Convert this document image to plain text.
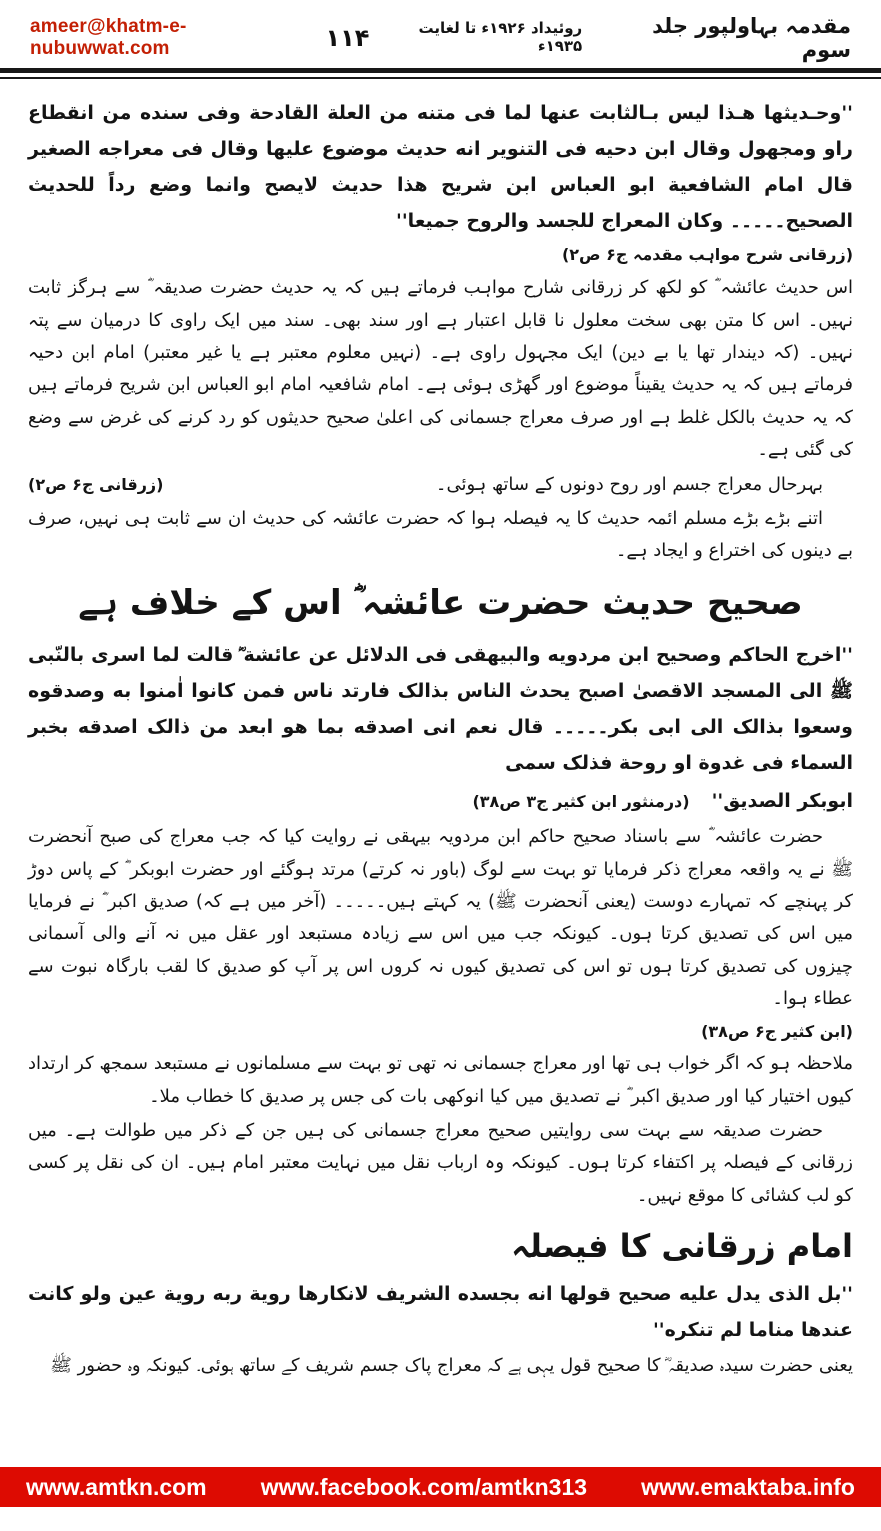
ameer@khatm-e-nubuwwat.com	۱۱۴	مقدمہ بہاولپور جلد سوم
روئیداد ۱۹۲۶ء تا لغایت ۱۹۳۵ء

''وحـدیثها هـذا لیس بـالثابت عنها لما فی متنه من العلة القادحة وفی سنده من انقطاع راو ومجهول وقال ابن دحیه فی التنویر انه حدیث موضوع علیها وقال فی معراجه الصغیر قال امام الشافعیة ابو العباس ابن شریح هذا حدیث لایصح وانما وضع رداً للحدیث الصحیح۔۔۔۔۔ وکان المعراج للجسد والروح جمیعا''

(زرقانی شرح مواہب مقدمہ ج۶ ص۲)

اس حدیث عائشہ ؓ کو لکھ کر زرقانی شارح مواہب فرماتے ہیں کہ یہ حدیث حضرت صدیقہ ؓ سے ہرگز ثابت نہیں۔ اس کا متن بھی سخت معلول نا قابل اعتبار ہے اور سند بھی۔ سند میں ایک راوی کا درمیان سے پتہ نہیں۔ (کہ دیندار تھا یا بے دین) ایک مجہول راوی ہے۔ (نہیں معلوم معتبر ہے یا غیر معتبر) امام ابن دحیہ فرماتے ہیں کہ یہ حدیث یقیناً موضوع اور گھڑی ہوئی ہے۔ امام شافعیہ امام ابو العباس ابن شریح فرماتے ہیں کہ یہ حدیث بالکل غلط ہے اور صرف معراج جسمانی کی اعلیٰ صحیح حدیثوں کو رد کرنے کی غرض سے وضع کی گئی ہے۔

بہرحال معراج جسم اور روح دونوں کے ساتھ ہوئی۔
(زرقانی ج۶ ص۲)

اتنے بڑے بڑے مسلم ائمہ حدیث کا یہ فیصلہ ہوا کہ حضرت عائشہ کی حدیث ان سے ثابت ہی نہیں، صرف بے دینوں کی اختراع و ایجاد ہے۔

صحیح حدیث حضرت عائشہ ؓ اس کے خلاف ہے

''اخرج الحاکم وصحیح ابن مردویه والبیهقی فی الدلائل عن عائشة ؓ قالت لما اسری بالنّبی ﷺ الی المسجد الاقصیٰ اصبح یحدث الناس بذالک فارتد ناس فمن کانوا اٰمنوا به وصدقوه وسعوا بذالک الی ابی بکر۔۔۔۔۔ قال نعم انی اصدقه بما هو ابعد من ذالک اصدقه بخبر السماء فی غدوة او روحة فذلک سمی

ابوبکر الصدیق''
(درمنثور ابن کثیر ج۳ ص۳۸)

حضرت عائشہ ؓ سے باسناد صحیح حاکم ابن مردویہ بیہقی نے روایت کیا کہ جب معراج کی صبح آنحضرت ﷺ نے یہ واقعہ معراج ذکر فرمایا تو بہت سے لوگ (باور نہ کرتے) مرتد ہوگئے اور حضرت ابوبکر ؓ کے پاس دوڑ کر پہنچے کہ تمہارے دوست (یعنی آنحضرت ﷺ) یہ کہتے ہیں۔۔۔۔۔ (آخر میں ہے کہ) صدیق اکبر ؓ نے فرمایا میں اس کی تصدیق کرتا ہوں۔ کیونکہ جب میں اس سے زیادہ مستبعد اور عقل میں نہ آنے والی آسمانی چیزوں کی تصدیق کرتا ہوں تو اس کی تصدیق کیوں نہ کروں اس پر آپ کو صدیق کا لقب بارگاہ نبوت سے عطاء ہوا۔

(ابن کثیر ج۶ ص۳۸)

ملاحظہ ہو کہ اگر خواب ہی تھا اور معراج جسمانی نہ تھی تو بہت سے مسلمانوں نے مستبعد سمجھ کر ارتداد کیوں اختیار کیا اور صدیق اکبر ؓ نے تصدیق میں کیا انوکھی بات کی جس پر صدیق کا خطاب ملا۔

حضرت صدیقہ سے بہت سی روایتیں صحیح معراج جسمانی کی ہیں جن کے ذکر میں طوالت ہے۔ میں زرقانی کے فیصلہ پر اکتفاء کرتا ہوں۔ کیونکہ وہ ارباب نقل میں نہایت معتبر امام ہیں۔ ان کی نقل پر کسی کو لب کشائی کا موقع نہیں۔

امام زرقانی کا فیصلہ

''بل الذی یدل علیه صحیح قولها انه بجسده الشریف لانکارها رویة ربه رویة عین ولو کانت عندها مناما لم تنکره''

یعنی حضرت سیدہ صدیقہ ؓ کا صحیح قول یہی ہے کہ معراج پاک جسم شریف کے ساتھ ہوئی۔ کیونکہ وہ حضور ﷺ

www.amtkn.com www.facebook.com/amtkn313 www.emaktaba.info
